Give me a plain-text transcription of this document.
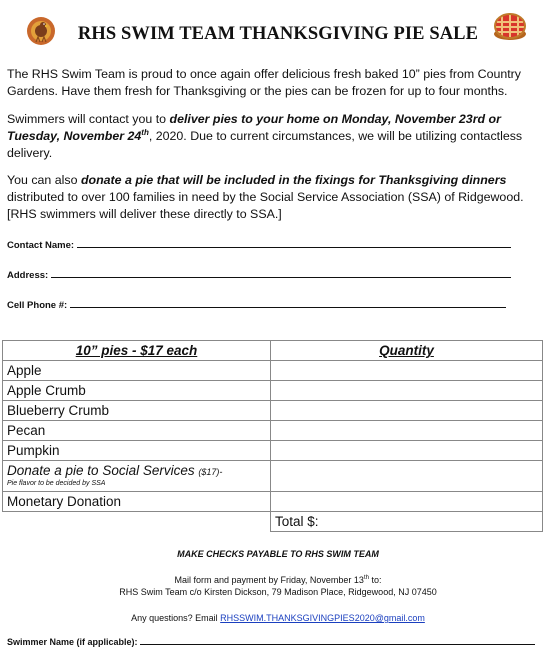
RHS SWIM TEAM THANKSGIVING PIE SALE
The RHS Swim Team is proud to once again offer delicious fresh baked 10” pies from Country Gardens. Have them fresh for Thanksgiving or the pies can be frozen for up to four months.
Swimmers will contact you to deliver pies to your home on Monday, November 23rd or Tuesday, November 24th, 2020. Due to current circumstances, we will be utilizing contactless delivery.
You can also donate a pie that will be included in the fixings for Thanksgiving dinners distributed to over 100 families in need by the Social Service Association (SSA) of Ridgewood. [RHS swimmers will deliver these directly to SSA.]
Contact Name:
Address:
Cell Phone #:
10” pies - $17 each	Quantity
Apple	
Apple Crumb	
Blueberry Crumb	
Pecan	
Pumpkin	
Donate a pie to Social Services ($17)-
Pie flavor to be decided by SSA	

Monetary Donation	
	Total $:
MAKE CHECKS PAYABLE TO RHS SWIM TEAM
Mail form and payment by Friday, November 13th to:
RHS Swim Team c/o Kirsten Dickson, 79 Madison Place, Ridgewood, NJ 07450
Any questions? Email RHSSWIM.THANKSGIVINGPIES2020@gmail.com
Swimmer Name (if applicable):
